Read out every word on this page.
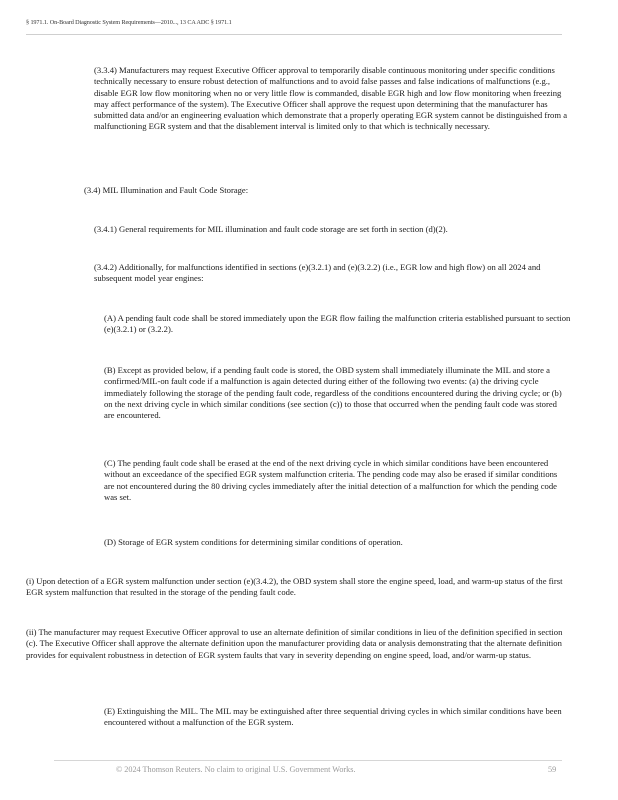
§ 1971.1. On-Board Diagnostic System Requirements—2010..., 13 CA ADC § 1971.1

(3.3.4) Manufacturers may request Executive Officer approval to temporarily disable continuous monitoring under specific conditions technically necessary to ensure robust detection of malfunctions and to avoid false passes and false indications of malfunctions (e.g., disable EGR low flow monitoring when no or very little flow is commanded, disable EGR high and low flow monitoring when freezing may affect performance of the system). The Executive Officer shall approve the request upon determining that the manufacturer has submitted data and/or an engineering evaluation which demonstrate that a properly operating EGR system cannot be distinguished from a malfunctioning EGR system and that the disablement interval is limited only to that which is technically necessary.

(3.4) MIL Illumination and Fault Code Storage:

(3.4.1) General requirements for MIL illumination and fault code storage are set forth in section (d)(2).

(3.4.2) Additionally, for malfunctions identified in sections (e)(3.2.1) and (e)(3.2.2) (i.e., EGR low and high flow) on all 2024 and subsequent model year engines:

(A) A pending fault code shall be stored immediately upon the EGR flow failing the malfunction criteria established pursuant to section (e)(3.2.1) or (3.2.2).

(B) Except as provided below, if a pending fault code is stored, the OBD system shall immediately illuminate the MIL and store a confirmed/MIL-on fault code if a malfunction is again detected during either of the following two events: (a) the driving cycle immediately following the storage of the pending fault code, regardless of the conditions encountered during the driving cycle; or (b) on the next driving cycle in which similar conditions (see section (c)) to those that occurred when the pending fault code was stored are encountered.

(C) The pending fault code shall be erased at the end of the next driving cycle in which similar conditions have been encountered without an exceedance of the specified EGR system malfunction criteria. The pending code may also be erased if similar conditions are not encountered during the 80 driving cycles immediately after the initial detection of a malfunction for which the pending code was set.

(D) Storage of EGR system conditions for determining similar conditions of operation.

(i) Upon detection of a EGR system malfunction under section (e)(3.4.2), the OBD system shall store the engine speed, load, and warm-up status of the first EGR system malfunction that resulted in the storage of the pending fault code.

(ii) The manufacturer may request Executive Officer approval to use an alternate definition of similar conditions in lieu of the definition specified in section (c). The Executive Officer shall approve the alternate definition upon the manufacturer providing data or analysis demonstrating that the alternate definition provides for equivalent robustness in detection of EGR system faults that vary in severity depending on engine speed, load, and/or warm-up status.

(E) Extinguishing the MIL. The MIL may be extinguished after three sequential driving cycles in which similar conditions have been encountered without a malfunction of the EGR system.

© 2024 Thomson Reuters. No claim to original U.S. Government Works.	59
